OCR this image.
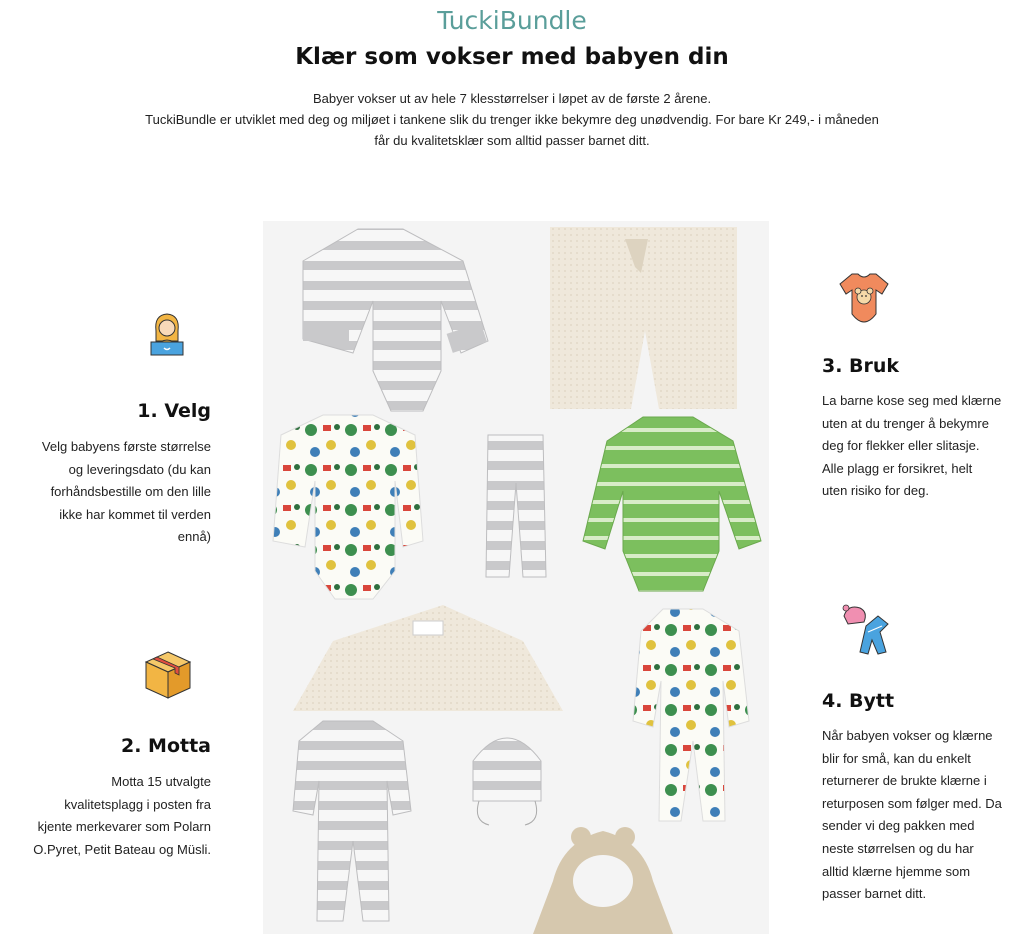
TuckiBundle
Klær som vokser med babyen din
Babyer vokser ut av hele 7 klesstørrelser i løpet av de første 2 årene.
TuckiBundle er utviklet med deg og miljøet i tankene slik du trenger ikke bekymre deg unødvendig. For bare Kr 249,- i måneden
får du kvalitetsklær som alltid passer barnet ditt.
1. Velg
Velg babyens første størrelse
og leveringsdato (du kan
forhåndsbestille om den lille
ikke har kommet til verden
ennå)
2. Motta
Motta 15 utvalgte
kvalitetsplagg i posten fra
kjente merkevarer som Polarn
O.Pyret, Petit Bateau og Müsli.
3. Bruk
La barne kose seg med klærne
uten at du trenger å bekymre
deg for flekker eller slitasje.
Alle plagg er forsikret, helt
uten risiko for deg.
4. Bytt
Når babyen vokser og klærne
blir for små, kan du enkelt
returnerer de brukte klærne i
returposen som følger med. Da
sender vi deg pakken med
neste størrelsen og du har
alltid klærne hjemme som
passer barnet ditt.
